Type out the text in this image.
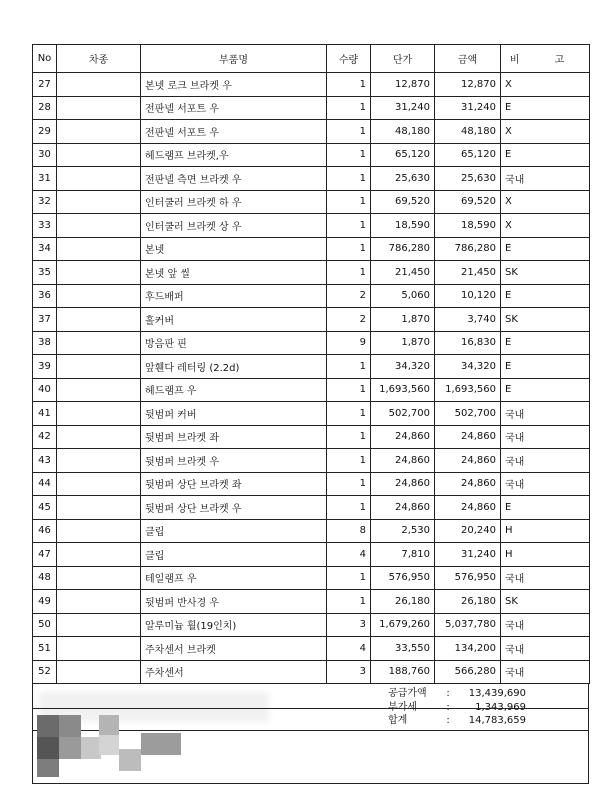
No	차종	부품명	수량	단가	금액	비 고
27		본넷 로크 브라켓 우	1	12,870	12,870	X
28		전판넬 서포트 우	1	31,240	31,240	E
29		전판넬 서포트 우	1	48,180	48,180	X
30		헤드램프 브라켓,우	1	65,120	65,120	E
31		전판넬 측면 브라켓 우	1	25,630	25,630	국내
32		인터쿨러 브라켓 하 우	1	69,520	69,520	X
33		인터쿨러 브라켓 상 우	1	18,590	18,590	X
34		본넷	1	786,280	786,280	E
35		본넷 앞 씰	1	21,450	21,450	SK
36		후드배퍼	2	5,060	10,120	E
37		홀커버	2	1,870	3,740	SK
38		방음판 핀	9	1,870	16,830	E
39		앞휀다 레터링 (2.2d)	1	34,320	34,320	E
40		헤드램프 우	1	1,693,560	1,693,560	E
41		뒷범퍼 커버	1	502,700	502,700	국내
42		뒷범퍼 브라켓 좌	1	24,860	24,860	국내
43		뒷범퍼 브라켓 우	1	24,860	24,860	국내
44		뒷범퍼 상단 브라켓 좌	1	24,860	24,860	국내
45		뒷범퍼 상단 브라켓 우	1	24,860	24,860	E
46		클립	8	2,530	20,240	H
47		클립	4	7,810	31,240	H
48		테일램프 우	1	576,950	576,950	국내
49		뒷범퍼 반사경 우	1	26,180	26,180	SK
50		알루미늄 휠(19인치)	3	1,679,260	5,037,780	국내
51		주차센서 브라켓	4	33,550	134,200	국내
52		주차센서	3	188,760	566,280	국내
공급가액	:	13,439,690
부가세	:	1,343,969
합계	:	14,783,659
